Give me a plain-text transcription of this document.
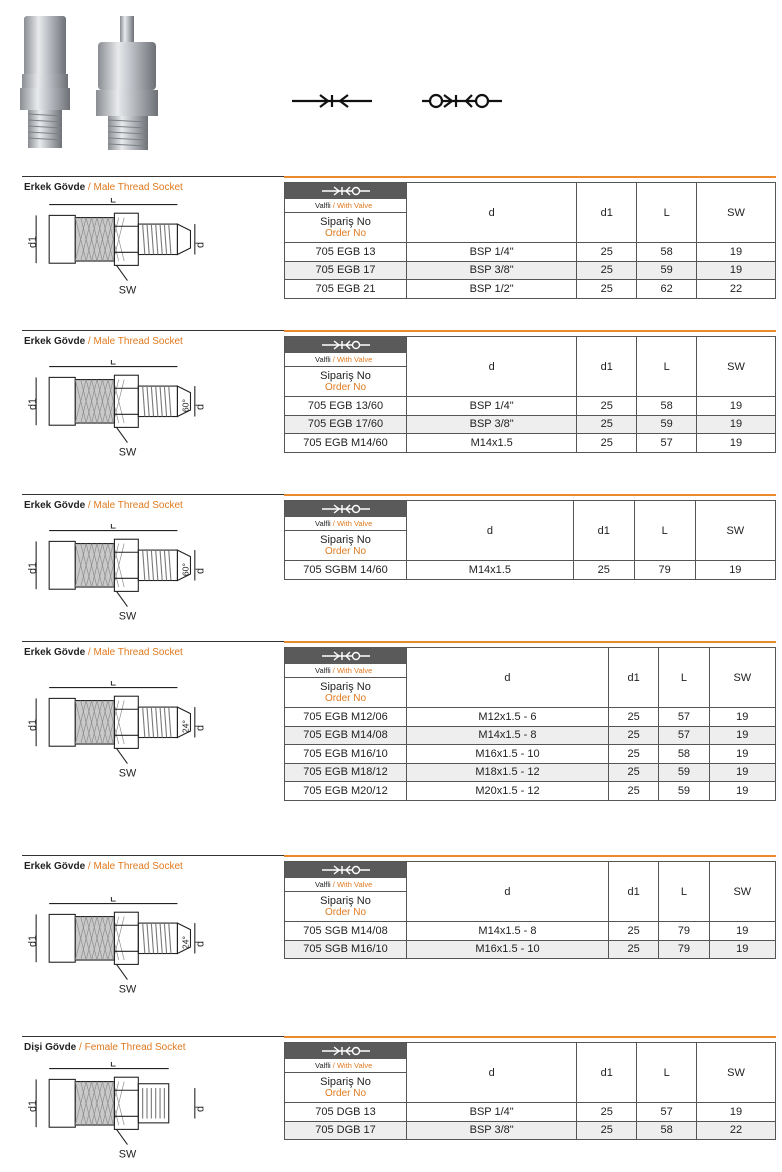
Erkek Gövde / Male Thread Socket
L
d1	d
SW
Valfli / With Valve
Sipariş No
Order No	d	d1	L	SW
705 EGB 13	BSP 1/4"	25	58	19
705 EGB 17	BSP 3/8"	25	59	19
705 EGB 21	BSP 1/2"	25	62	22
Erkek Gövde / Male Thread Socket
L
d1	d
SW
60°
Valfli / With Valve
Sipariş No
Order No	d	d1	L	SW
705 EGB 13/60	BSP 1/4"	25	58	19
705 EGB 17/60	BSP 3/8"	25	59	19
705 EGB M14/60	M14x1.5	25	57	19
Erkek Gövde / Male Thread Socket
L
d1	d
SW
60°
Valfli / With Valve
Sipariş No
Order No	d	d1	L	SW
705 SGBM 14/60	M14x1.5	25	79	19
Erkek Gövde / Male Thread Socket
L
d1	d
SW
24°
Valfli / With Valve
Sipariş No
Order No	d	d1	L	SW
705 EGB M12/06	M12x1.5 - 6	25	57	19
705 EGB M14/08	M14x1.5 - 8	25	57	19
705 EGB M16/10	M16x1.5 - 10	25	58	19
705 EGB M18/12	M18x1.5 - 12	25	59	19
705 EGB M20/12	M20x1.5 - 12	25	59	19
Erkek Gövde / Male Thread Socket
L
d1	d
SW
24°
Valfli / With Valve
Sipariş No
Order No	d	d1	L	SW
705 SGB M14/08	M14x1.5 - 8	25	79	19
705 SGB M16/10	M16x1.5 - 10	25	79	19
Dişi Gövde / Female Thread Socket
L
d1	d
SW
Valfli / With Valve
Sipariş No
Order No	d	d1	L	SW
705 DGB 13	BSP 1/4"	25	57	19
705 DGB 17	BSP 3/8"	25	58	22
